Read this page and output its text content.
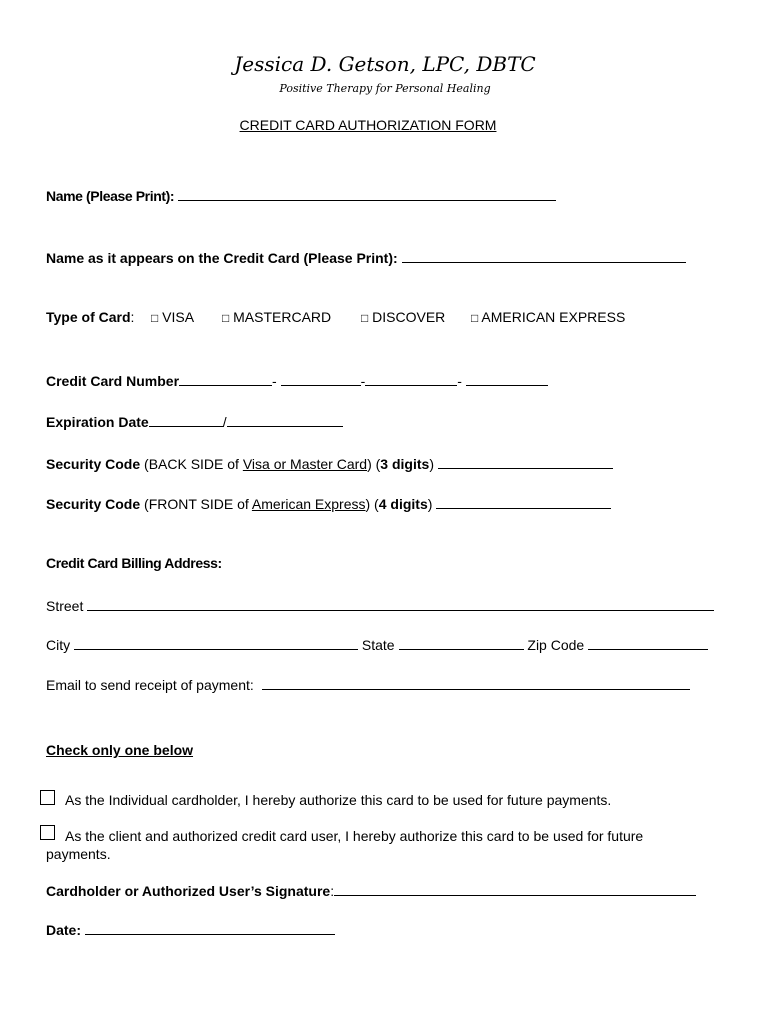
Jessica D. Getson, LPC, DBTC
Positive Therapy for Personal Healing
CREDIT CARD AUTHORIZATION FORM
Name (Please Print):
Name as it appears on the Credit Card (Please Print):
Type of Card: □ VISA □ MASTERCARD □ DISCOVER □ AMERICAN EXPRESS
Credit Card Number	-	-	-
Expiration Date	/
Security Code (BACK SIDE of Visa or Master Card) (3 digits)
Security Code (FRONT SIDE of American Express) (4 digits)
Credit Card Billing Address:
Street
City	State	Zip Code
Email to send receipt of payment:
Check only one below
As the Individual cardholder, I hereby authorize this card to be used for future payments.
As the client and authorized credit card user, I hereby authorize this card to be used for future
payments.
Cardholder or Authorized User’s Signature:
Date:
